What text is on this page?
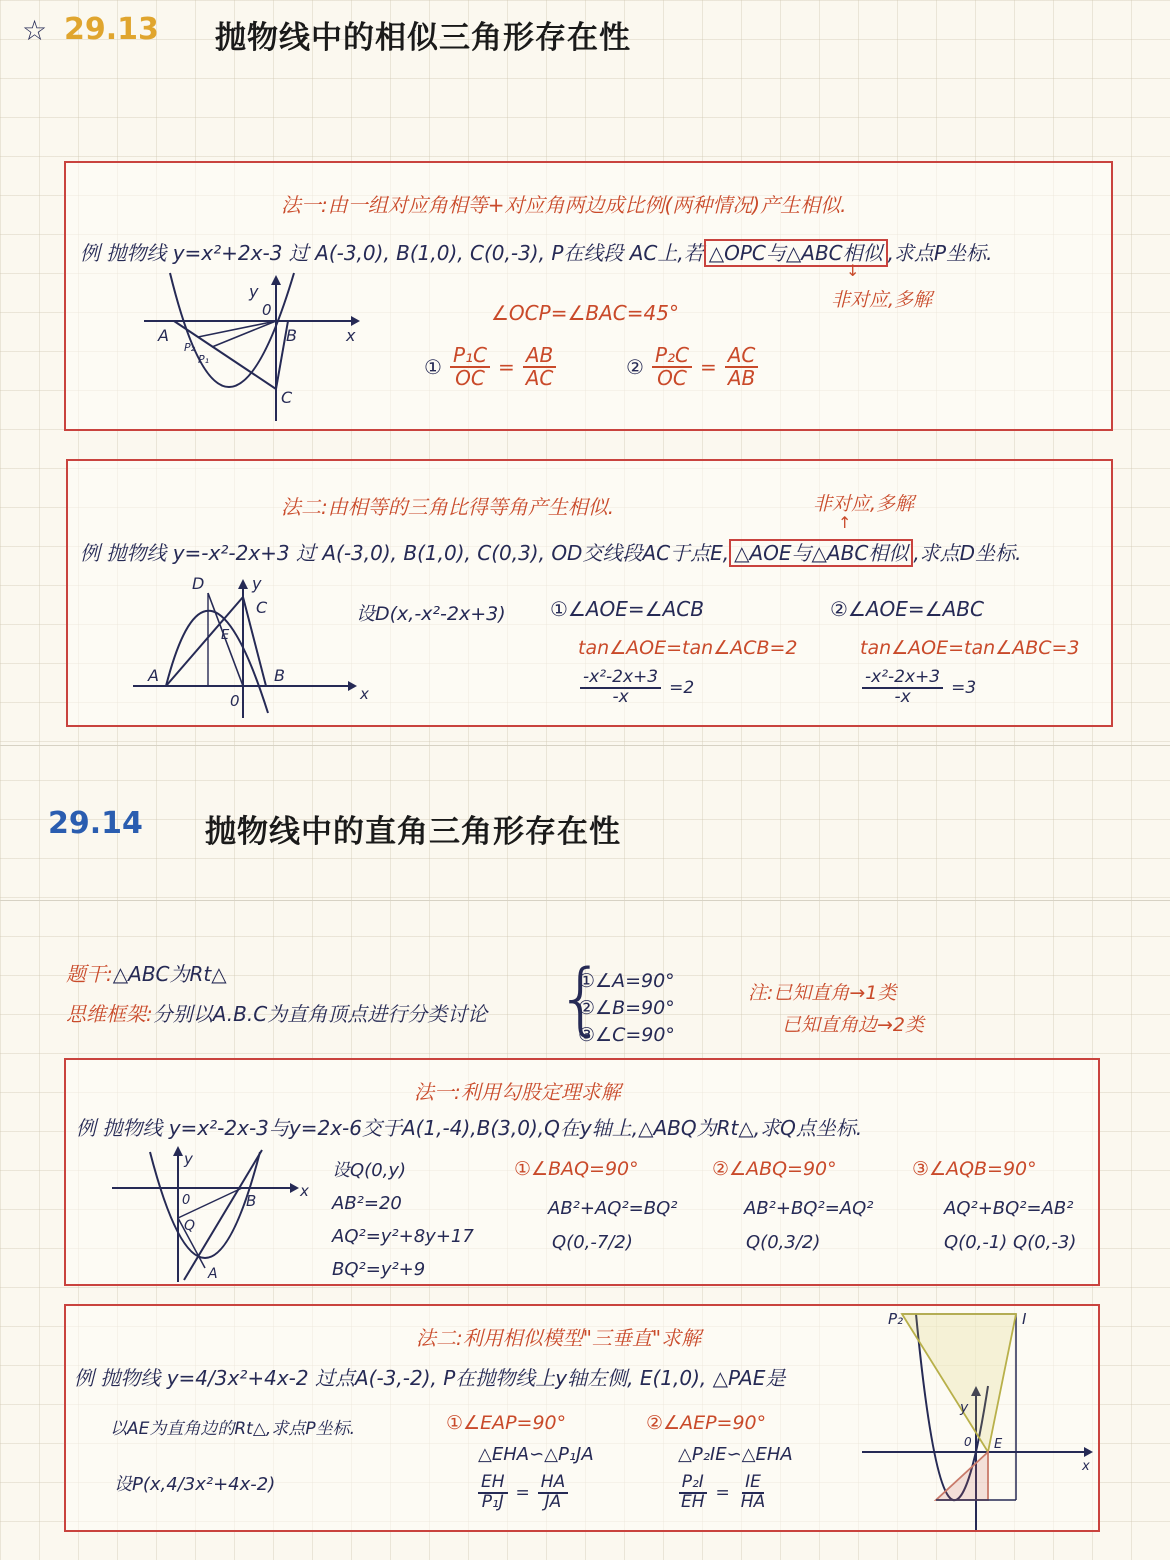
☆ 29.13 抛物线中的相似三角形存在性
法一:由一组对应角相等+对应角两边成比例(两种情况)产生相似.
例 抛物线 y=x²+2x-3 过 A(-3,0), B(1,0), C(0,-3), P在线段 AC上,若 △OPC与△ABC相似 ,求点P坐标.
↓
非对应,多解
y
x
0
A	B
C
P₂
P₁
∠OCP=∠BAC=45°
① $\frac{\text{P₁C}}{OC} = \frac{AB}{AC}$	② $\frac{\text{P₂C}}{OC} = \frac{AC}{AB}$
法二:由相等的三角比得等角产生相似.	非对应,多解
↑
例 抛物线 y=-x²-2x+3 过 A(-3,0), B(1,0), C(0,3), OD交线段AC于点E, △AOE与△ABC相似 ,求点D坐标.
D	y
C
E
A	B
0	x
设D(x,-x²-2x+3) ①∠AOE=∠ACB
tan∠AOE=tan∠ACB=2
$\frac{\text{-x²-2x+3}}{-x} =2$
②∠AOE=∠ABC
tan∠AOE=tan∠ABC=3
$\frac{\text{-x²-2x+3}}{-x} =3$
29.14 抛物线中的直角三角形存在性
题干:△ABC为Rt△
思维框架:分别以A.B.C为直角顶点进行分类讨论 {
①∠A=90°
②∠B=90°
③∠C=90°
注:已知直角→1类
已知直角边→2类
法一:利用勾股定理求解
例 抛物线 y=x²-2x-3与y=2x-6交于A(1,-4),B(3,0),Q在y轴上,△ABQ为Rt△,求Q点坐标.
y
x
0	B
Q
A
设Q(0,y)
AB²=20
AQ²=y²+8y+17
BQ²=y²+9
①∠BAQ=90°
AB²+AQ²=BQ²
Q(0,-7/2)
②∠ABQ=90°
AB²+BQ²=AQ²
Q(0,3/2)
③∠AQB=90°
AQ²+BQ²=AB²
Q(0,-1) Q(0,-3)
法二:利用相似模型"三垂直"求解
例 抛物线 y=4/3x²+4x-2 过点A(-3,-2), P在抛物线上y轴左侧, E(1,0), △PAE是
以AE为直角边的Rt△,求点P坐标.
设P(x,4/3x²+4x-2)
①∠EAP=90°
△EHA∽△P₁JA
$\frac{EH}{\text{P₁J}} = \frac{HA}{JA}$
②∠AEP=90°
△P₂IE∽△EHA
$\frac{\text{P₂I}}{EH} = \frac{IE}{HA}$
P₂	I
y
0 E
x
